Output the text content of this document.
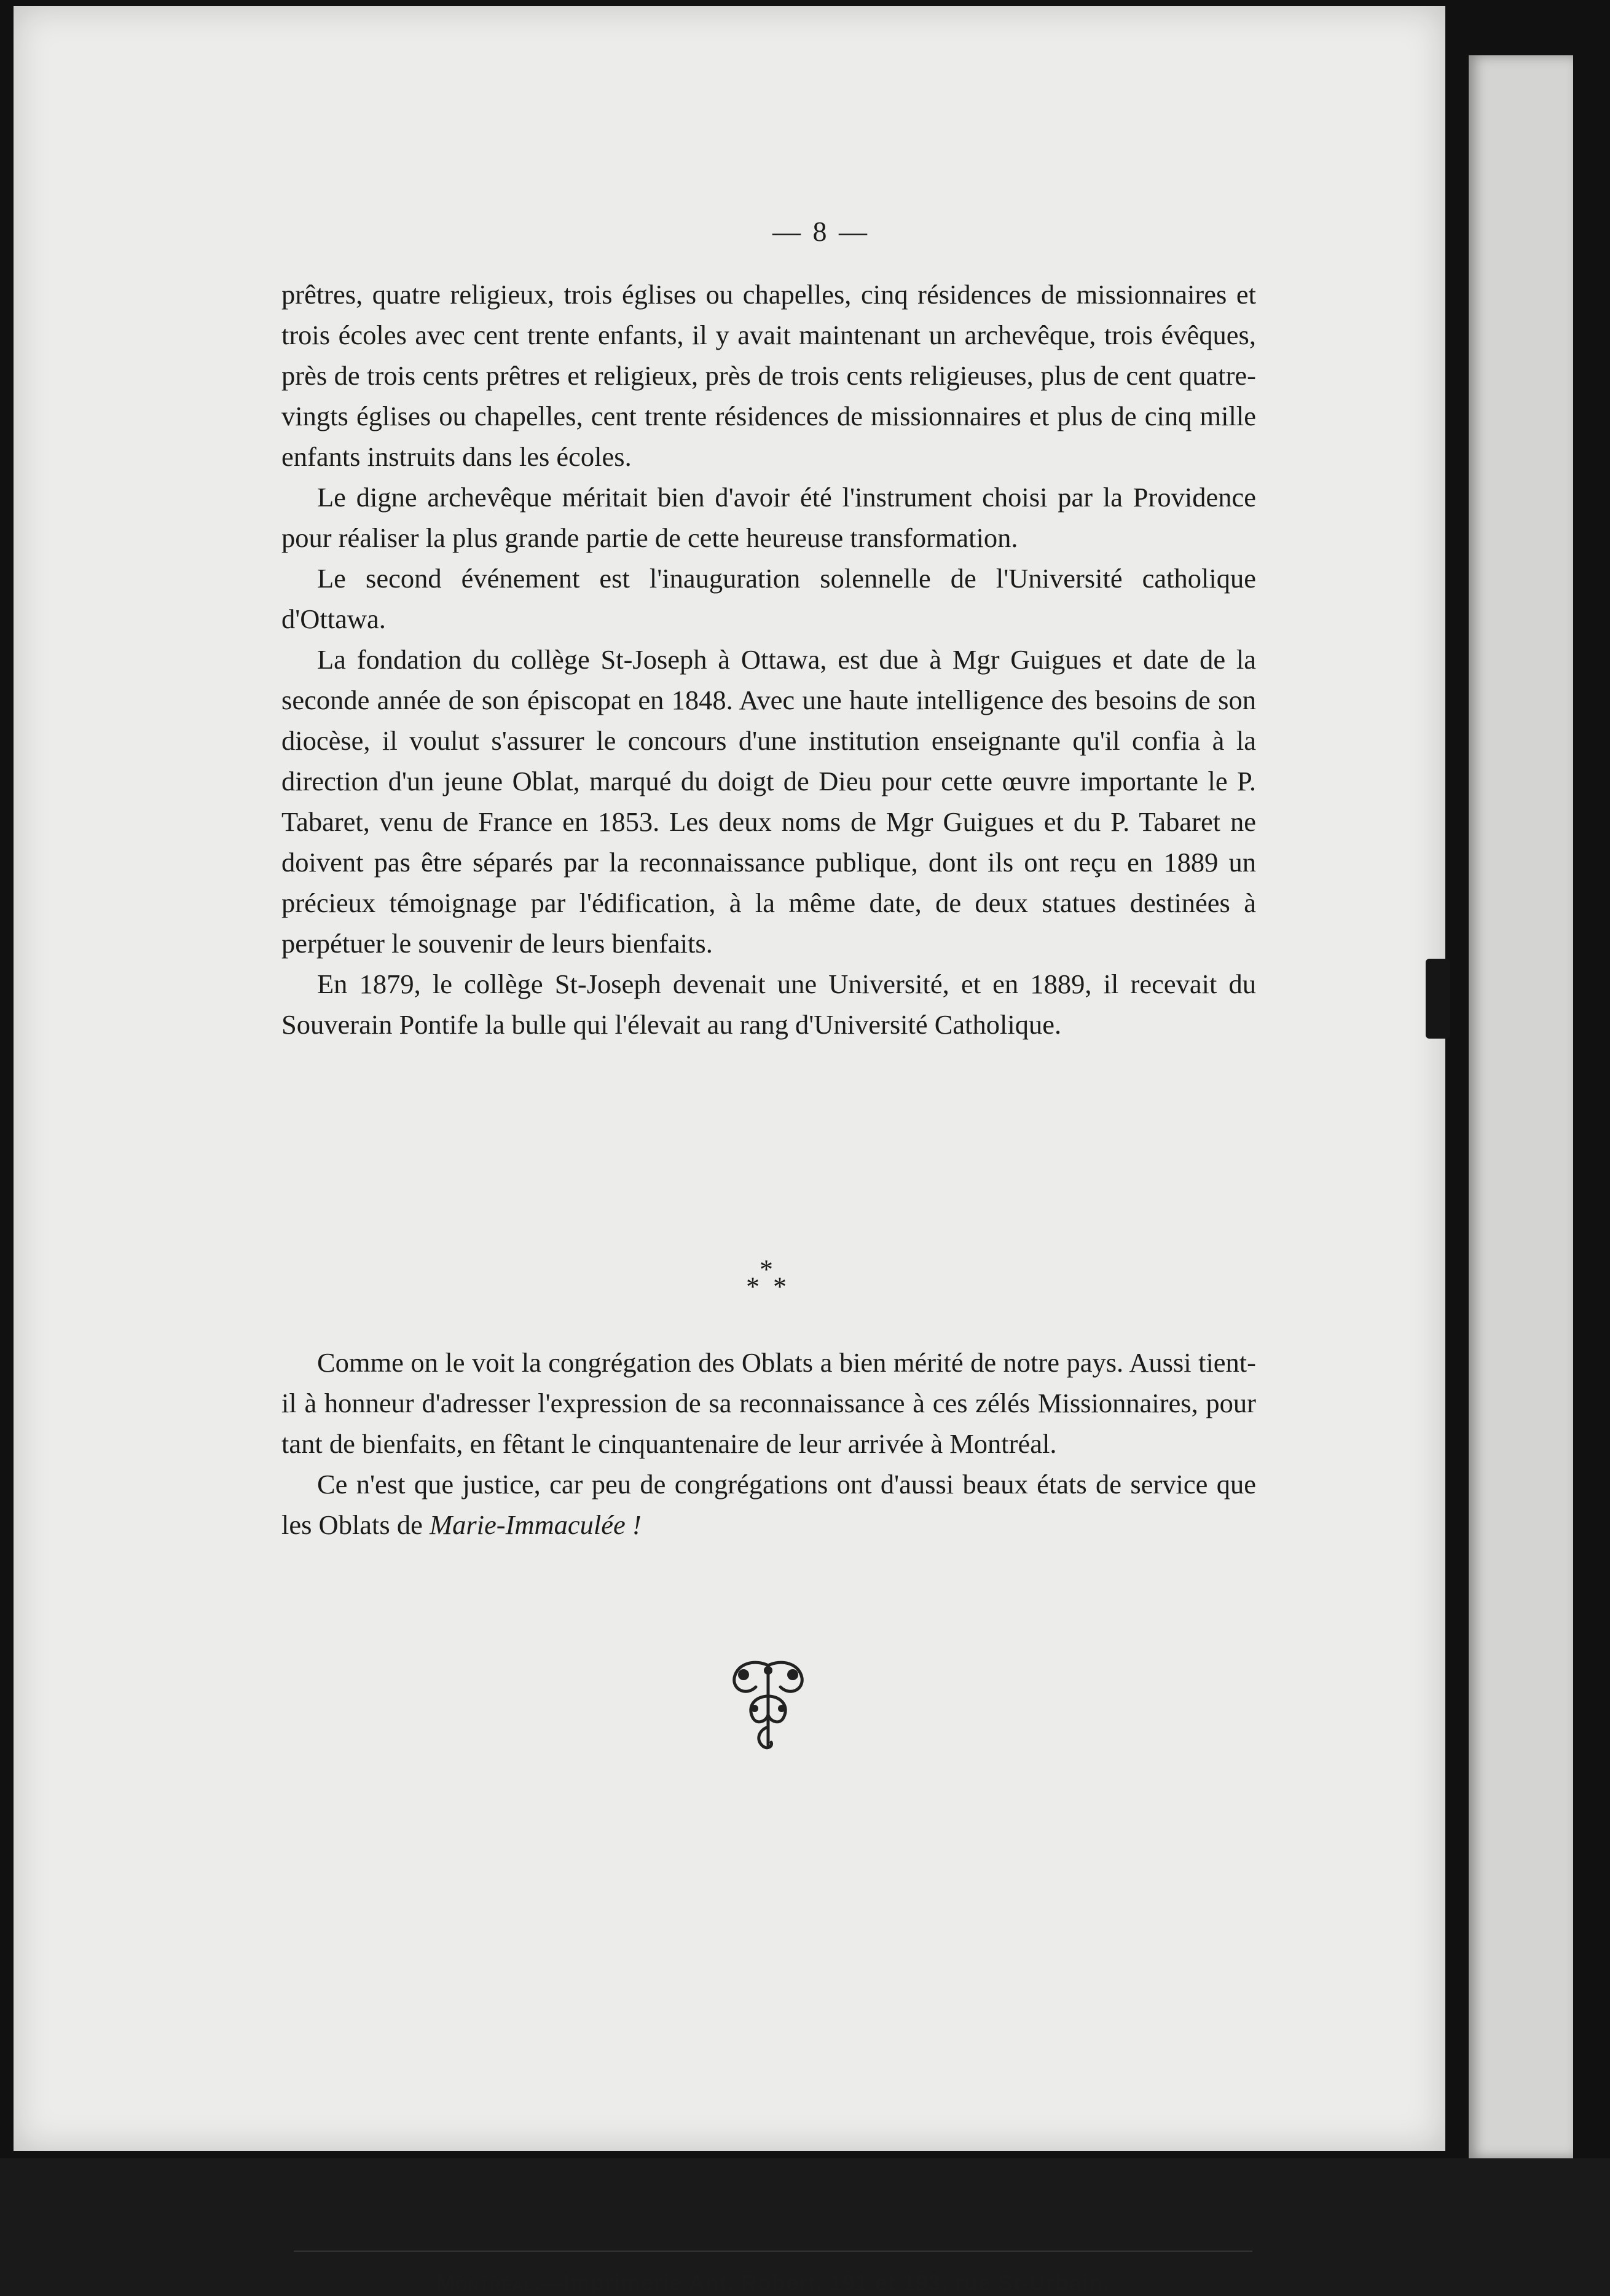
— 8 —

prêtres, quatre religieux, trois églises ou chapelles, cinq résidences de missionnaires et trois écoles avec cent trente enfants, il y avait maintenant un archevêque, trois évêques, près de trois cents prêtres et religieux, près de trois cents religieuses, plus de cent quatre-vingts églises ou chapelles, cent trente résidences de missionnaires et plus de cinq mille enfants instruits dans les écoles.

Le digne archevêque méritait bien d'avoir été l'instrument choisi par la Providence pour réaliser la plus grande partie de cette heureuse transformation.

Le second événement est l'inauguration solennelle de l'Université catholique d'Ottawa.

La fondation du collège St-Joseph à Ottawa, est due à Mgr Guigues et date de la seconde année de son épiscopat en 1848. Avec une haute intelligence des besoins de son diocèse, il voulut s'assurer le concours d'une institution enseignante qu'il confia à la direction d'un jeune Oblat, marqué du doigt de Dieu pour cette œuvre importante le P. Tabaret, venu de France en 1853. Les deux noms de Mgr Guigues et du P. Tabaret ne doivent pas être séparés par la reconnaissance publique, dont ils ont reçu en 1889 un précieux témoignage par l'édification, à la même date, de deux statues destinées à perpétuer le souvenir de leurs bienfaits.

En 1879, le collège St-Joseph devenait une Université, et en 1889, il recevait du Souverain Pontife la bulle qui l'élevait au rang d'Université Catholique.

*
* *

Comme on le voit la congrégation des Oblats a bien mérité de notre pays. Aussi tient-il à honneur d'adresser l'expression de sa reconnaissance à ces zélés Missionnaires, pour tant de bienfaits, en fêtant le cinquantenaire de leur arrivée à Montréal.

Ce n'est que justice, car peu de congrégations ont d'aussi beaux états de service que les Oblats de Marie-Immaculée !

Montréal.—Imprimerie Ant. Robert, 191 et 193, rue St-Urbain.
